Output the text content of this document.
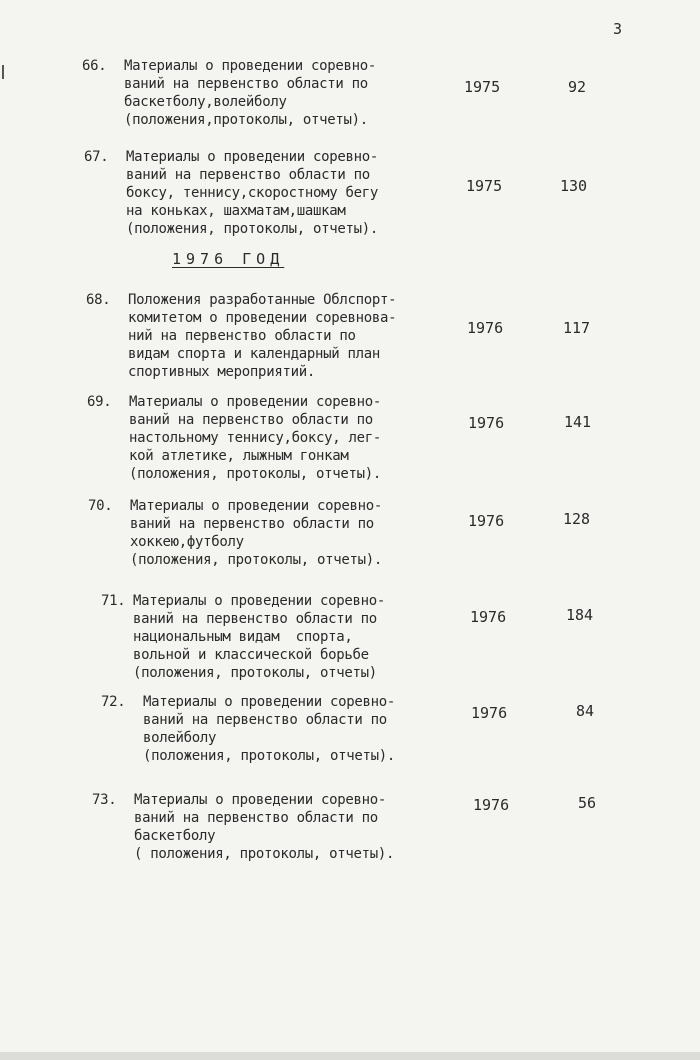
3
66. Материалы о проведении соревно-
ваний на первенство области по
баскетболу,волейболу
(положения,протоколы, отчеты).
1975	92
67. Материалы о проведении соревно-
ваний на первенство области по
боксу, теннису,скоростному бегу
на коньках, шахматам,шашкам
(положения, протоколы, отчеты).
1975	130
1976 ГОД
68. Положения разработанные Облспорт-
комитетом о проведении соревнова-
ний на первенство области по
видам спорта и календарный план
спортивных мероприятий.
1976	117
69. Материалы о проведении соревно-
ваний на первенство области по
настольному теннису,боксу, лег-
кой атлетике, лыжным гонкам
(положения, протоколы, отчеты).
1976	141
70. Материалы о проведении соревно-
ваний на первенство области по
хоккею,футболу
(положения, протоколы, отчеты).
1976	128
71. Материалы о проведении соревно-
ваний на первенство области по
национальным видам  спорта,
вольной и классической борьбе
(положения, протоколы, отчеты)
1976	184
72. Материалы о проведении соревно-
ваний на первенство области по
волейболу
(положения, протоколы, отчеты).
1976	84
73. Материалы о проведении соревно-
ваний на первенство области по
баскетболу
( положения, протоколы, отчеты).
1976	56
